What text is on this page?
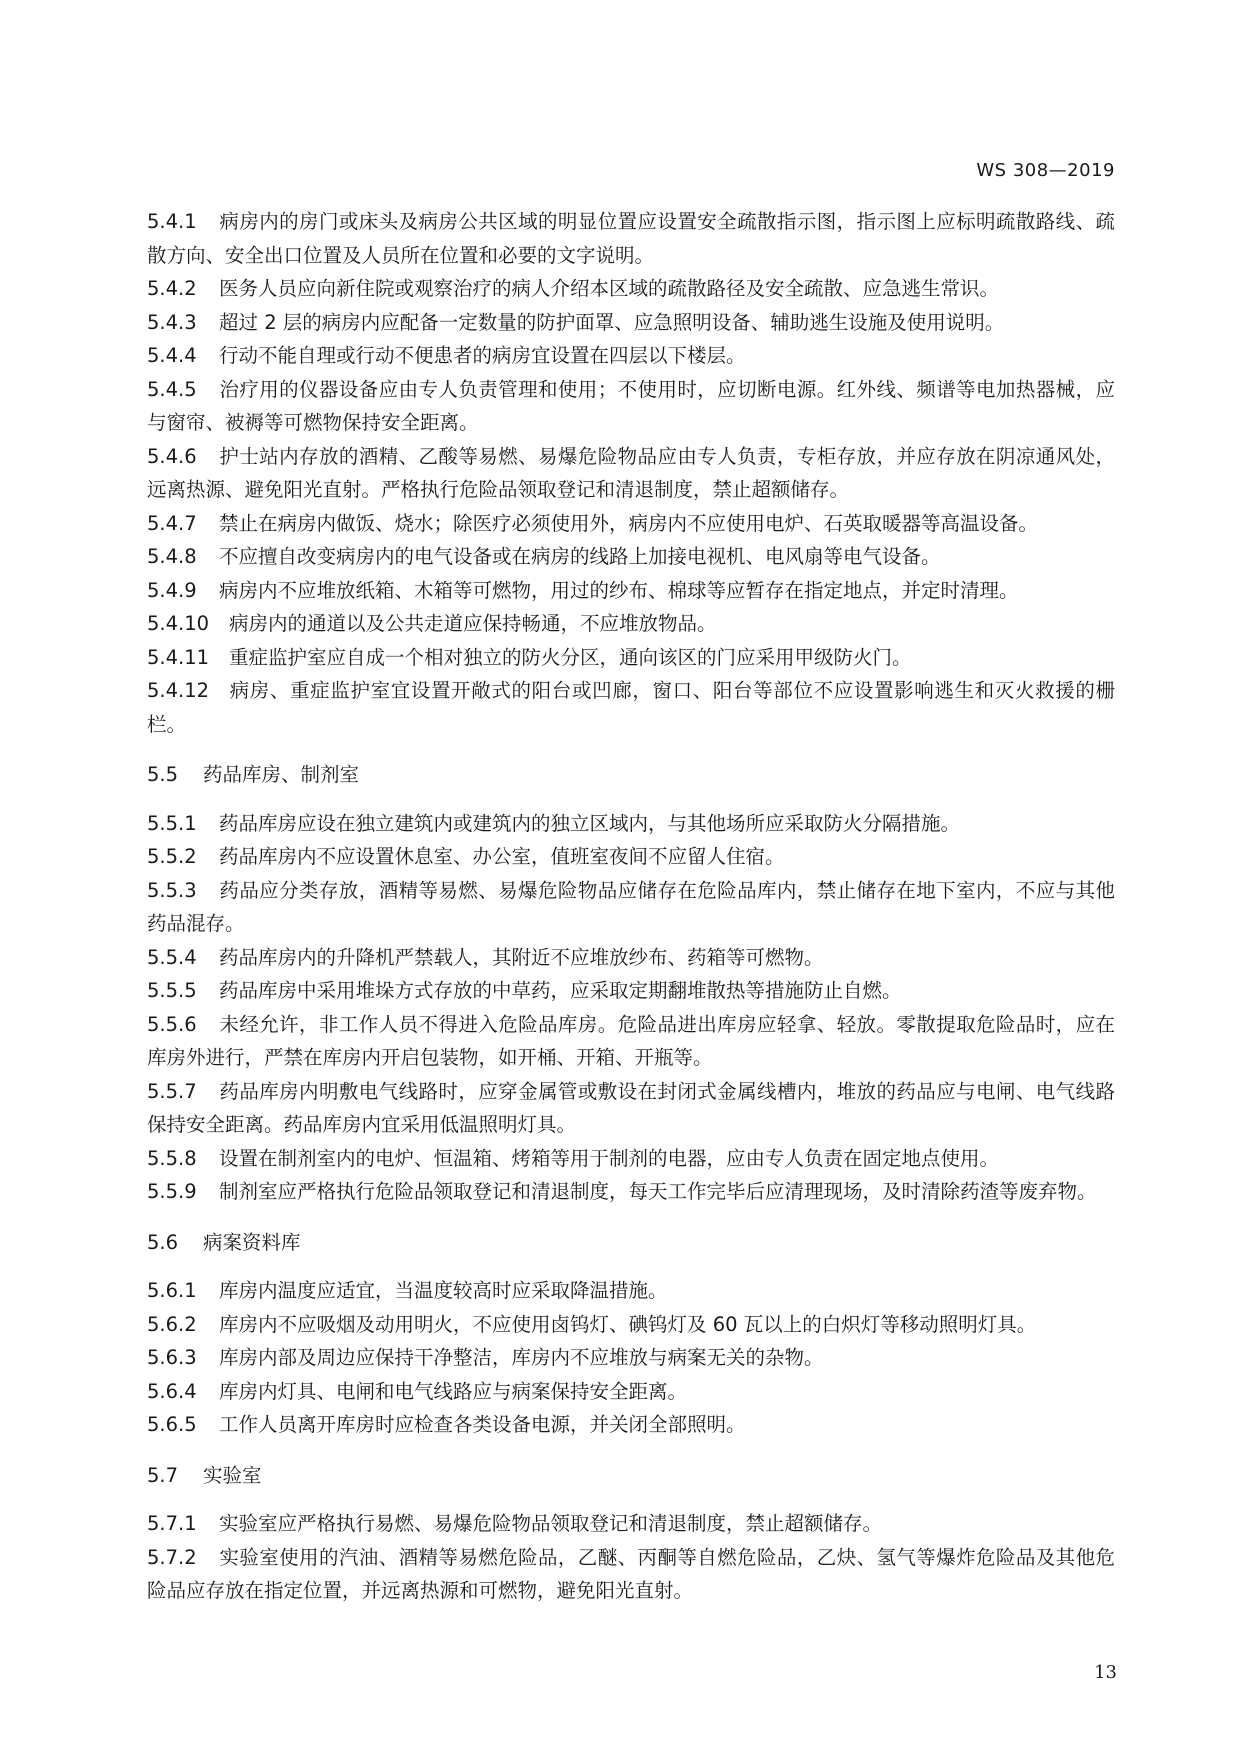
WS 308—2019
5.4.1 病房内的房门或床头及病房公共区域的明显位置应设置安全疏散指示图，指示图上应标明疏散路线、疏散方向、安全出口位置及人员所在位置和必要的文字说明。
5.4.2 医务人员应向新住院或观察治疗的病人介绍本区域的疏散路径及安全疏散、应急逃生常识。
5.4.3 超过 2 层的病房内应配备一定数量的防护面罩、应急照明设备、辅助逃生设施及使用说明。
5.4.4 行动不能自理或行动不便患者的病房宜设置在四层以下楼层。
5.4.5 治疗用的仪器设备应由专人负责管理和使用；不使用时，应切断电源。红外线、频谱等电加热器械，应与窗帘、被褥等可燃物保持安全距离。
5.4.6 护士站内存放的酒精、乙酸等易燃、易爆危险物品应由专人负责，专柜存放，并应存放在阴凉通风处，远离热源、避免阳光直射。严格执行危险品领取登记和清退制度，禁止超额储存。
5.4.7 禁止在病房内做饭、烧水；除医疗必须使用外，病房内不应使用电炉、石英取暖器等高温设备。
5.4.8 不应擅自改变病房内的电气设备或在病房的线路上加接电视机、电风扇等电气设备。
5.4.9 病房内不应堆放纸箱、木箱等可燃物，用过的纱布、棉球等应暂存在指定地点，并定时清理。
5.4.10 病房内的通道以及公共走道应保持畅通，不应堆放物品。
5.4.11 重症监护室应自成一个相对独立的防火分区，通向该区的门应采用甲级防火门。
5.4.12 病房、重症监护室宜设置开敞式的阳台或凹廊，窗口、阳台等部位不应设置影响逃生和灭火救援的栅栏。
5.5 药品库房、制剂室
5.5.1 药品库房应设在独立建筑内或建筑内的独立区域内，与其他场所应采取防火分隔措施。
5.5.2 药品库房内不应设置休息室、办公室，值班室夜间不应留人住宿。
5.5.3 药品应分类存放，酒精等易燃、易爆危险物品应储存在危险品库内，禁止储存在地下室内，不应与其他药品混存。
5.5.4 药品库房内的升降机严禁载人，其附近不应堆放纱布、药箱等可燃物。
5.5.5 药品库房中采用堆垛方式存放的中草药，应采取定期翻堆散热等措施防止自燃。
5.5.6 未经允许，非工作人员不得进入危险品库房。危险品进出库房应轻拿、轻放。零散提取危险品时，应在库房外进行，严禁在库房内开启包装物，如开桶、开箱、开瓶等。
5.5.7 药品库房内明敷电气线路时，应穿金属管或敷设在封闭式金属线槽内，堆放的药品应与电闸、电气线路保持安全距离。药品库房内宜采用低温照明灯具。
5.5.8 设置在制剂室内的电炉、恒温箱、烤箱等用于制剂的电器，应由专人负责在固定地点使用。
5.5.9 制剂室应严格执行危险品领取登记和清退制度，每天工作完毕后应清理现场，及时清除药渣等废弃物。
5.6 病案资料库
5.6.1 库房内温度应适宜，当温度较高时应采取降温措施。
5.6.2 库房内不应吸烟及动用明火，不应使用卤钨灯、碘钨灯及 60 瓦以上的白炽灯等移动照明灯具。
5.6.3 库房内部及周边应保持干净整洁，库房内不应堆放与病案无关的杂物。
5.6.4 库房内灯具、电闸和电气线路应与病案保持安全距离。
5.6.5 工作人员离开库房时应检查各类设备电源，并关闭全部照明。
5.7 实验室
5.7.1 实验室应严格执行易燃、易爆危险物品领取登记和清退制度，禁止超额储存。
5.7.2 实验室使用的汽油、酒精等易燃危险品，乙醚、丙酮等自燃危险品，乙炔、氢气等爆炸危险品及其他危险品应存放在指定位置，并远离热源和可燃物，避免阳光直射。
13
